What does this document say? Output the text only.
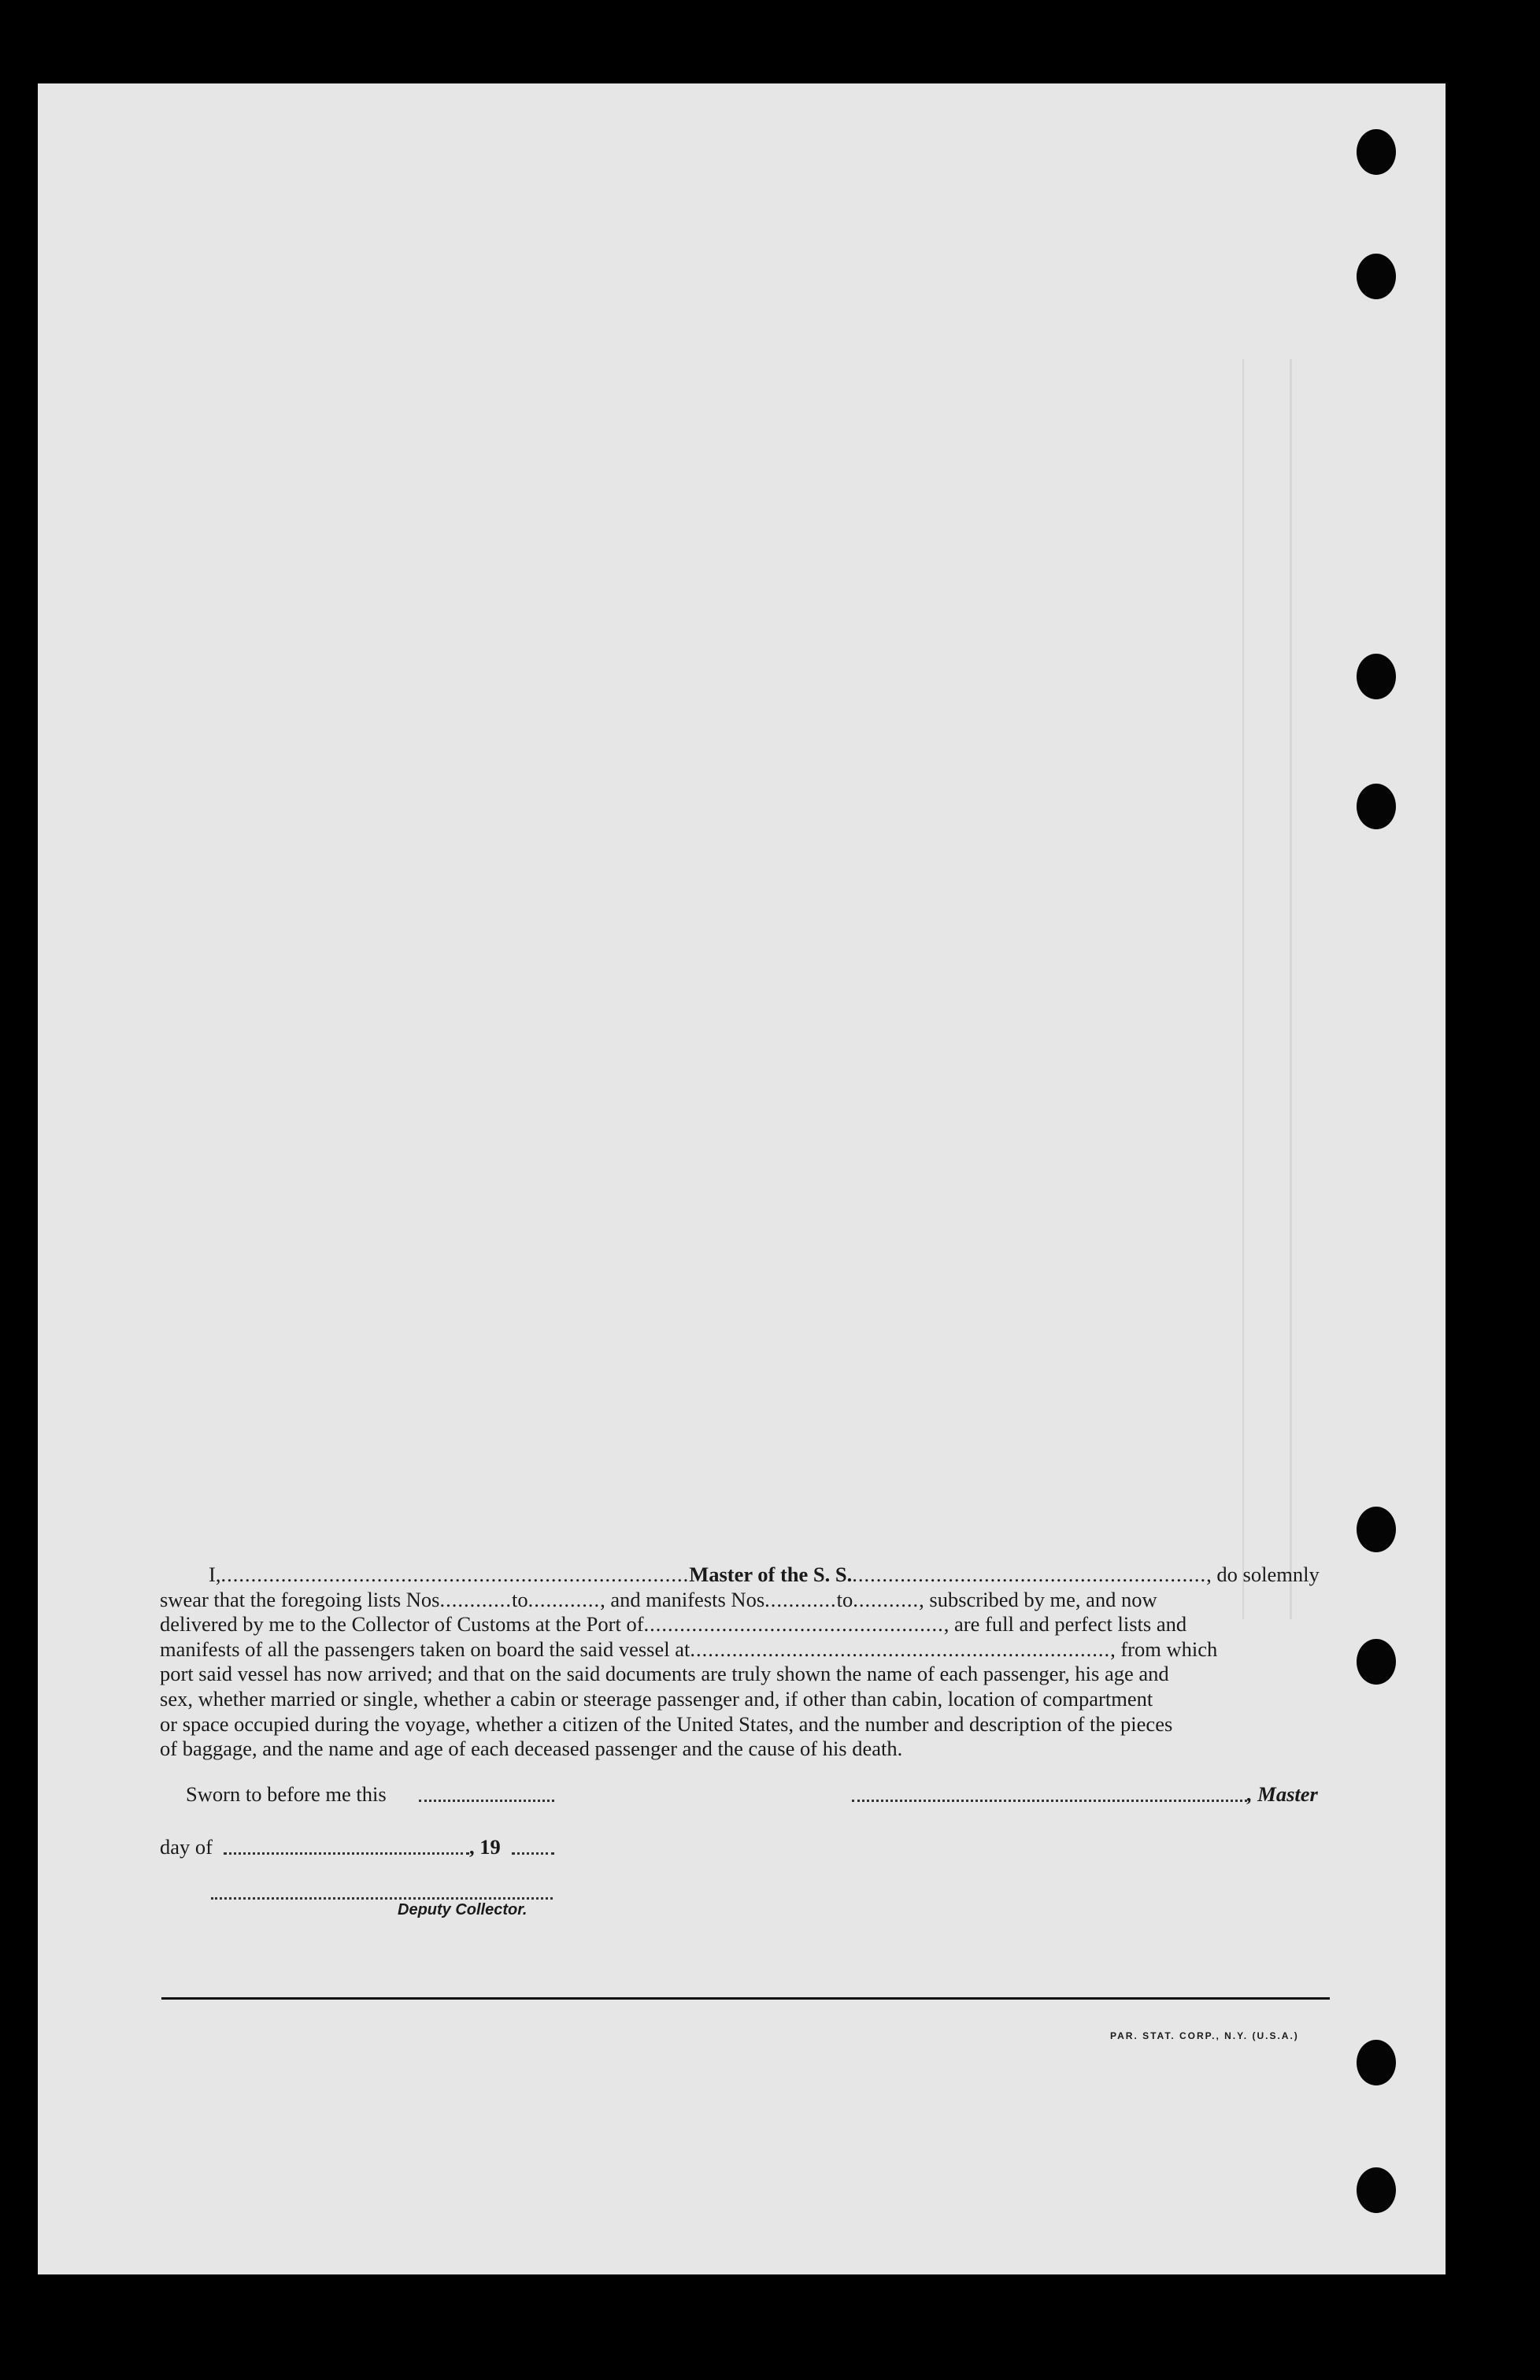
I,..............................................................................Master of the S. S............................................................, do solemnly
swear that the foregoing lists Nos............to............, and manifests Nos............to..........., subscribed by me, and now
delivered by me to the Collector of Customs at the Port of.................................................., are full and perfect lists and
manifests of all the passengers taken on board the said vessel at......................................................................, from which
port said vessel has now arrived; and that on the said documents are truly shown the name of each passenger, his age and
sex, whether married or single, whether a cabin or steerage passenger and, if other than cabin, location of compartment
or space occupied during the voyage, whether a citizen of the United States, and the number and description of the pieces
of baggage, and the name and age of each deceased passenger and the cause of his death.
Sworn to before me this	, Master
day of	, 19
Deputy Collector.
PAR. STAT. CORP., N.Y. (U.S.A.)
